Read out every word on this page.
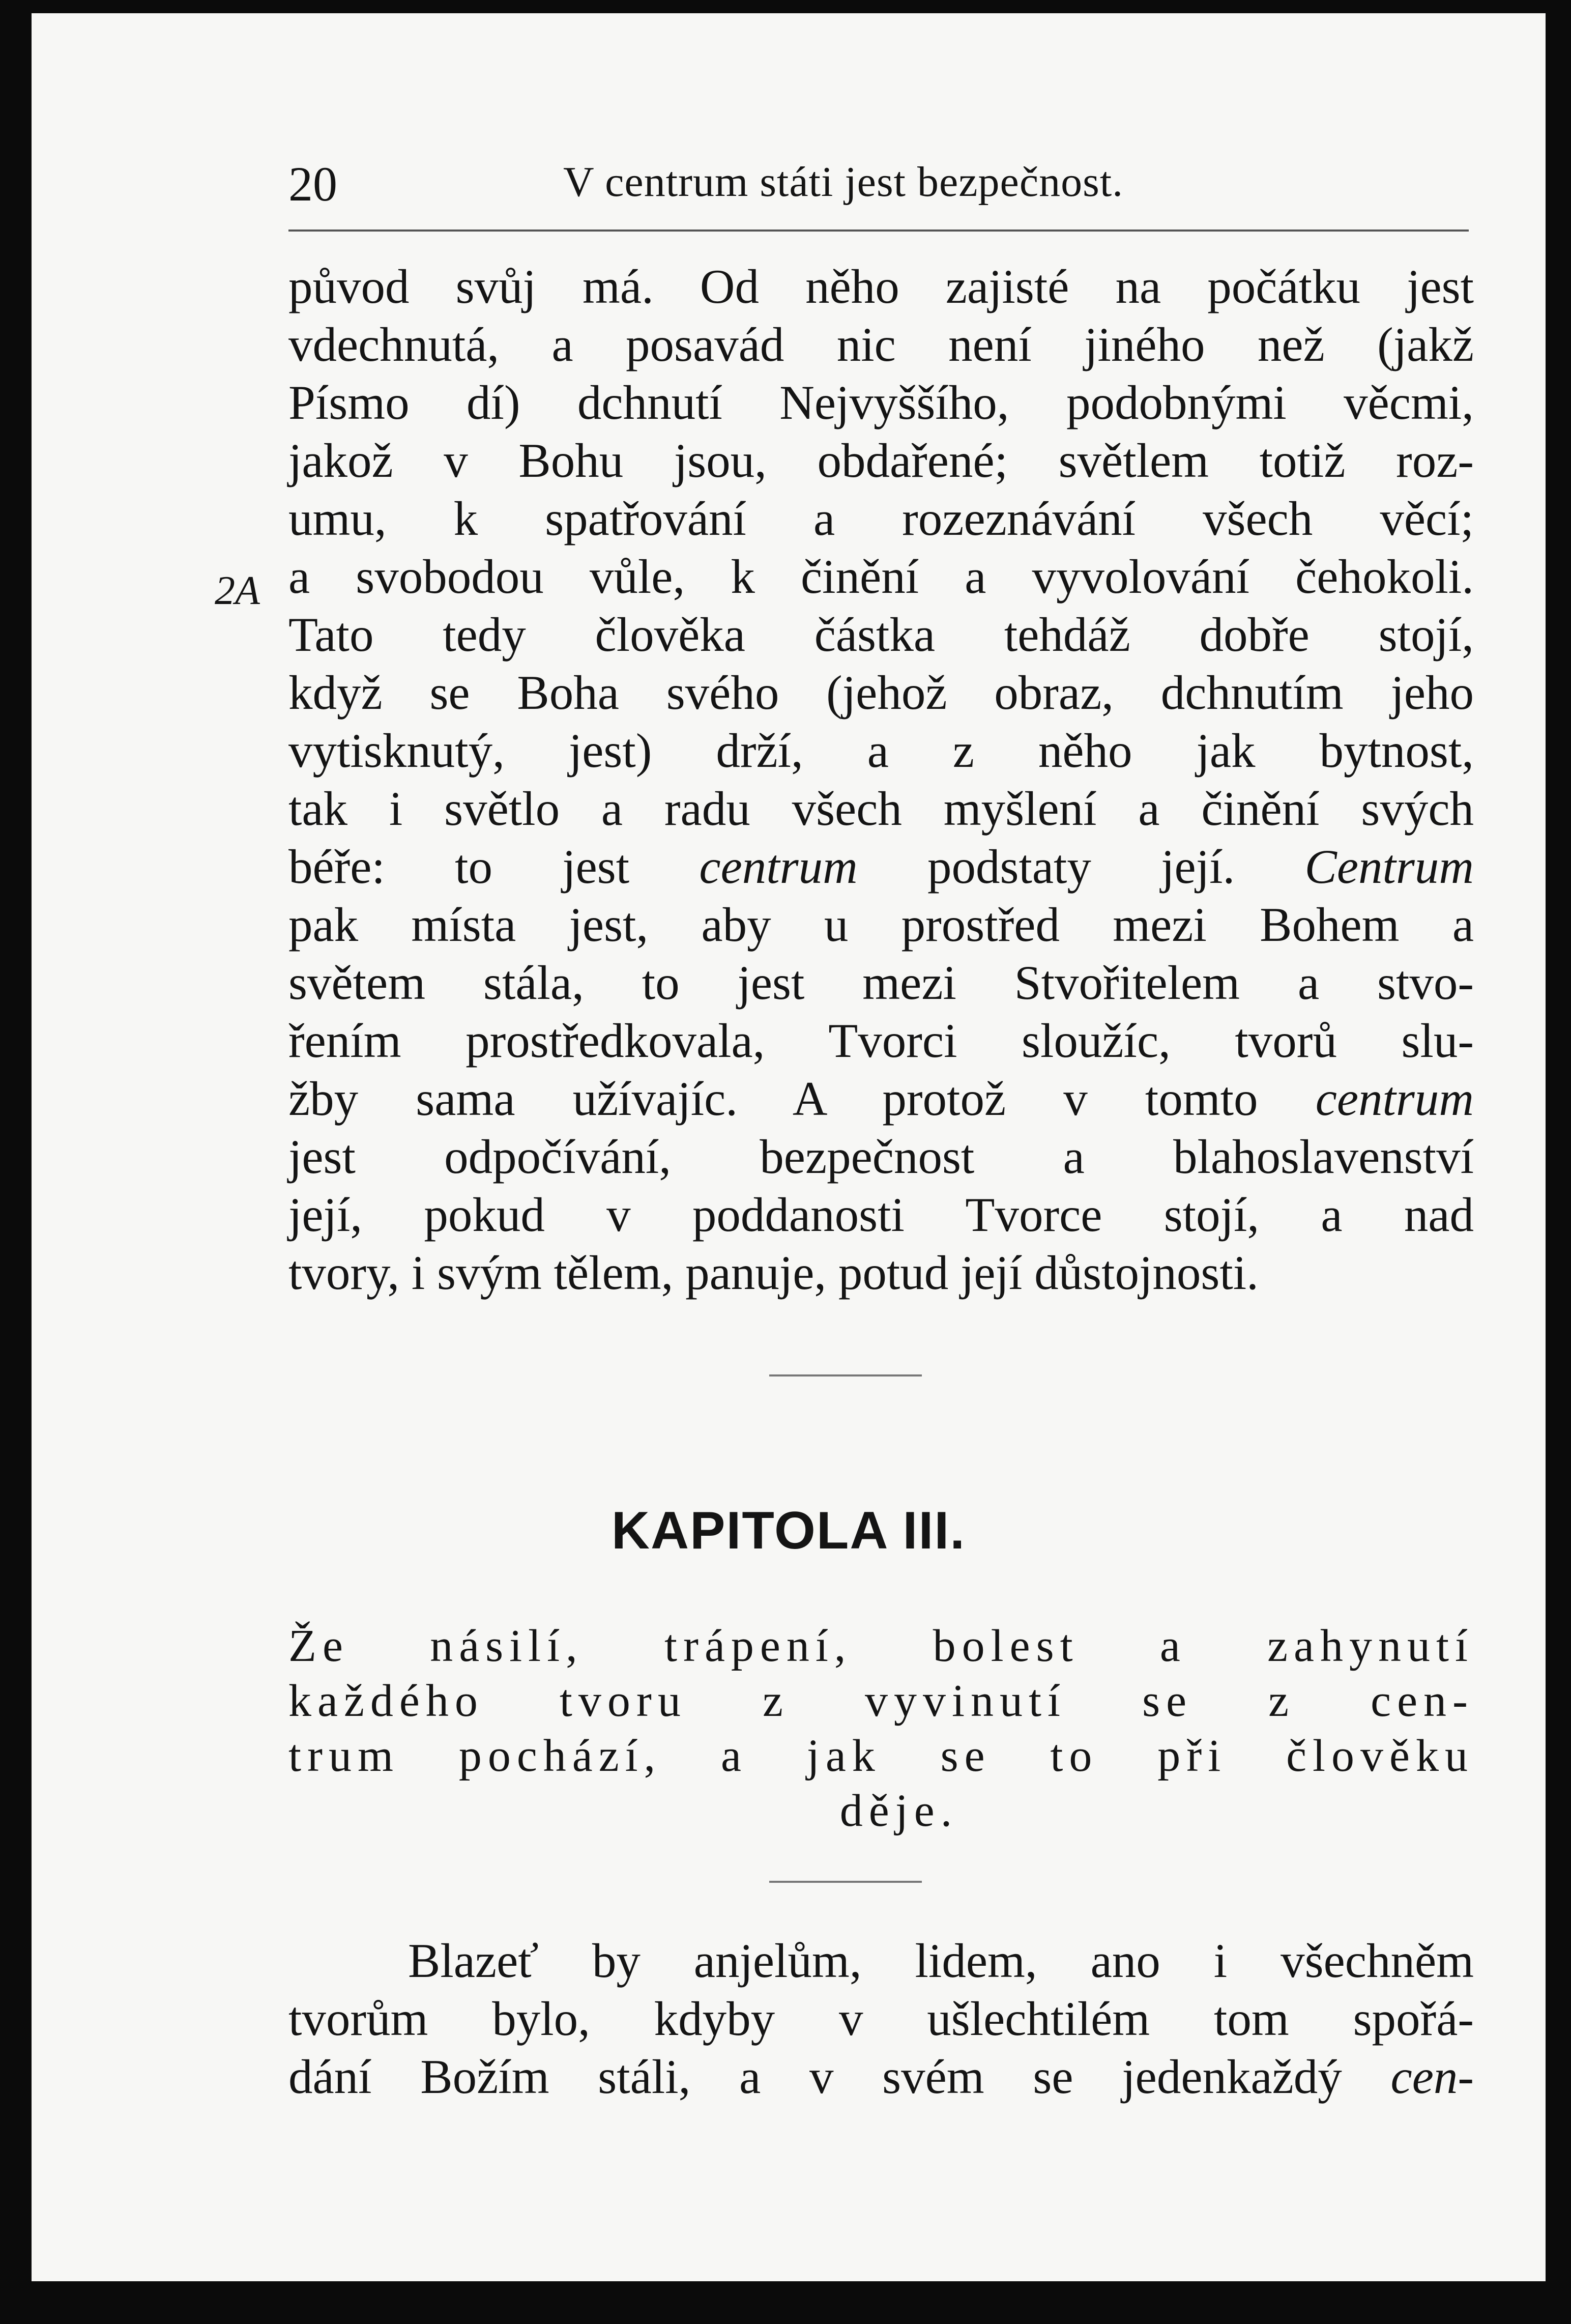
20	V centrum státi jest bezpečnost.
2A
původ svůj má. Od něho zajisté na počátku jest
vdechnutá, a posavád nic není jiného než (jakž
Písmo dí) dchnutí Nejvyššího, podobnými věcmi,
jakož v Bohu jsou, obdařené; světlem totiž roz-
umu, k spatřování a rozeznávání všech věcí;
a svobodou vůle, k činění a vyvolování čehokoli.
Tato tedy člověka částka tehdáž dobře stojí,
když se Boha svého (jehož obraz, dchnutím jeho
vytisknutý, jest) drží, a z něho jak bytnost,
tak i světlo a radu všech myšlení a činění svých
béře: to jest centrum podstaty její. Centrum
pak místa jest, aby u prostřed mezi Bohem a
světem stála, to jest mezi Stvořitelem a stvo-
řením prostředkovala, Tvorci sloužíc, tvorů slu-
žby sama užívajíc. A protož v tomto centrum
jest odpočívání, bezpečnost a blahoslavenství
její, pokud v poddanosti Tvorce stojí, a nad
tvory, i svým tělem, panuje, potud její důstojnosti.
KAPITOLA III.
Že násilí, trápení, bolest a zahynutí
každého tvoru z vyvinutí se z cen-
trum pochází, a jak se to při člověku
děje.
Blazeť by anjelům, lidem, ano i všechněm
tvorům bylo, kdyby v ušlechtilém tom spořá-
dání Božím stáli, a v svém se jedenkaždý cen-
